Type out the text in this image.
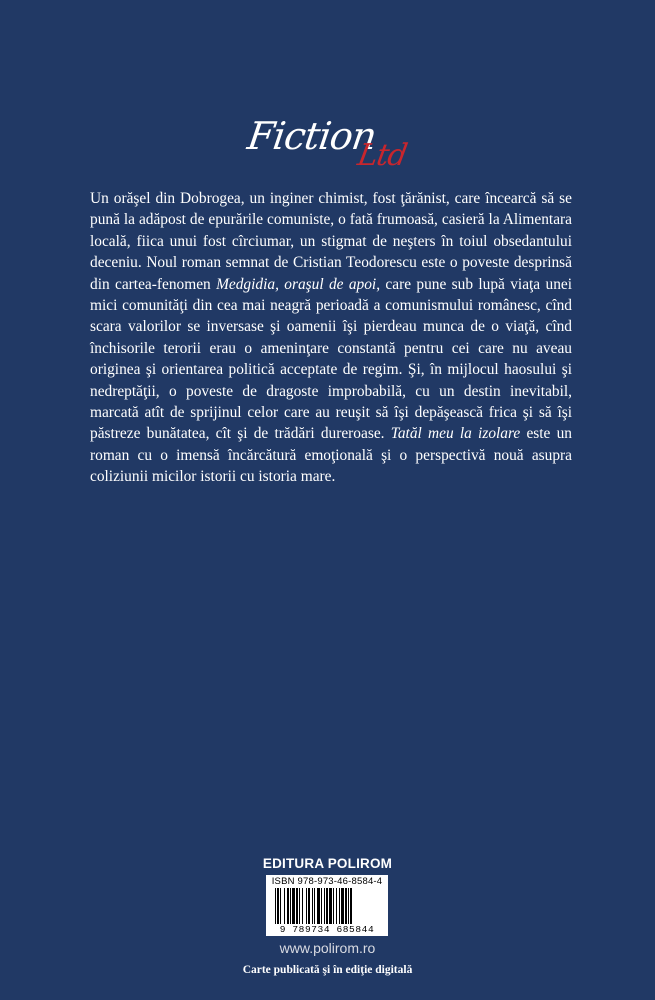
Fiction
Ltd

Un orăşel din Dobrogea, un inginer chimist, fost ţărănist, care încearcă să se pună la adăpost de epurările comuniste, o fată frumoasă, casieră la Alimentara locală, fiica unui fost cîrciumar, un stigmat de neşters în toiul obsedantului deceniu. Noul roman semnat de Cristian Teodorescu este o poveste desprinsă din cartea-fenomen Medgidia, oraşul de apoi, care pune sub lupă viaţa unei mici comunităţi din cea mai neagră perioadă a comunismului românesc, cînd scara valorilor se inversase şi oamenii îşi pierdeau munca de o viaţă, cînd închisorile terorii erau o ameninţare constantă pentru cei care nu aveau originea şi orientarea politică acceptate de regim. Şi, în mijlocul haosului şi nedreptăţii, o poveste de dragoste improbabilă, cu un destin inevitabil, marcată atît de sprijinul celor care au reuşit să îşi depăşească frica şi să îşi păstreze bunătatea, cît şi de trădări dureroase. Tatăl meu la izolare este un roman cu o imensă încărcătură emoţională şi o perspectivă nouă asupra coliziunii micilor istorii cu istoria mare.

EDITURA POLIROM
ISBN 978-973-46-8584-4
9 789734 685844
www.polirom.ro
Carte publicată şi în ediţie digitală
